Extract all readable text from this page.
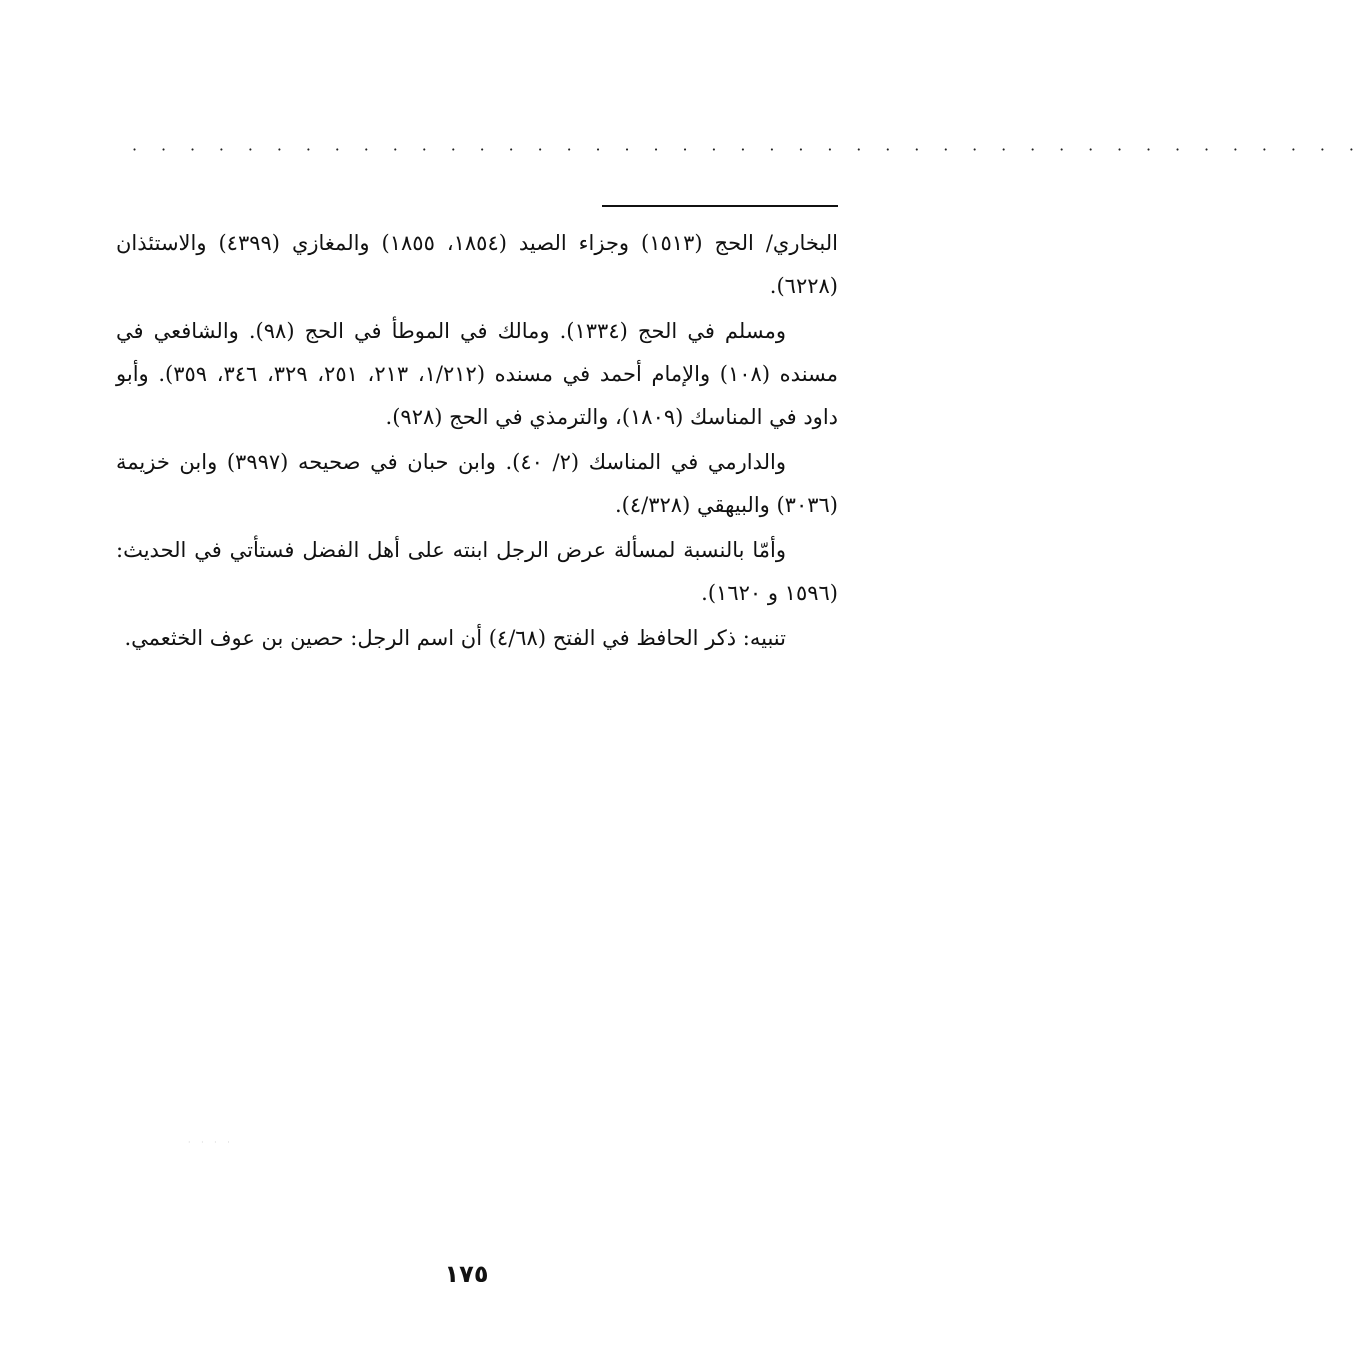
· · · · · · · · · · · · · · · · · · · · · · · · · · · · · · · · · · · · · · · · · · ·

البخاري/ الحج (١٥١٣) وجزاء الصيد (١٨٥٤، ١٨٥٥) والمغازي (٤٣٩٩) والاستئذان (٦٢٢٨).

ومسلم في الحج (١٣٣٤). ومالك في الموطأ في الحج (٩٨). والشافعي في مسنده (١٠٨) والإمام أحمد في مسنده (١/٢١٢، ٢١٣، ٢٥١، ٣٢٩، ٣٤٦، ٣٥٩). وأبو داود في المناسك (١٨٠٩)، والترمذي في الحج (٩٢٨).

والدارمي في المناسك (٢/ ٤٠). وابن حبان في صحيحه (٣٩٩٧) وابن خزيمة (٣٠٣٦) والبيهقي (٤/٣٢٨).

وأمّا بالنسبة لمسألة عرض الرجل ابنته على أهل الفضل فستأتي في الحديث: (١٥٩٦ و ١٦٢٠).

تنبيه: ذكر الحافظ في الفتح (٤/٦٨) أن اسم الرجل: حصين بن عوف الخثعمي.

· · · ·
١٧٥
